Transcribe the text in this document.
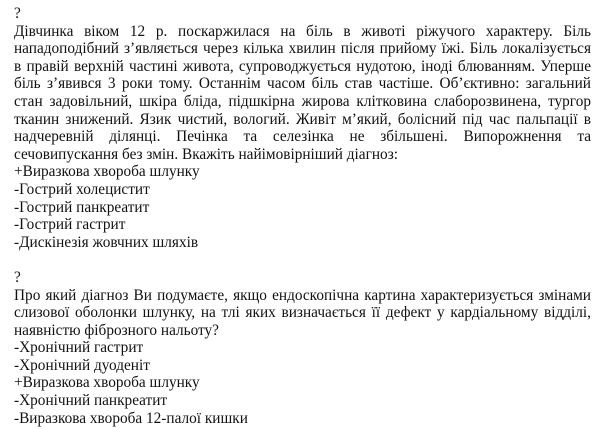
?
Дівчинка віком 12 р. поскаржилася на біль в животі ріжучого характеру. Біль
нападоподібний з’являється через кілька хвилин після прийому їжі. Біль локалізується
в правій верхній частині живота, супроводжується нудотою, іноді блюванням. Уперше
біль з’явився 3 роки тому. Останнім часом біль став частіше. Об’єктивно: загальний
стан задовільний, шкіра бліда, підшкірна жирова клітковина слаборозвинена, тургор
тканин знижений. Язик чистий, вологий. Живіт м’який, болісний під час пальпації в
надчеревній ділянці. Печінка та селезінка не збільшені. Випорожнення та
сечовипускання без змін. Вкажіть найімовірніший діагноз:
+Виразкова хвороба шлунку
-Гострий холецистит
-Гострий панкреатит
-Гострий гастрит
-Дискінезія жовчних шляхів
?
Про який діагноз Ви подумаєте, якщо ендоскопічна картина характеризується змінами
слизової оболонки шлунку, на тлі яких визначається її дефект у кардіальному відділі,
наявністю фіброзного нальоту?
-Хронічний гастрит
-Хронічний дуоденіт
+Виразкова хвороба шлунку
-Хронічний панкреатит
-Виразкова хвороба 12-палої кишки
